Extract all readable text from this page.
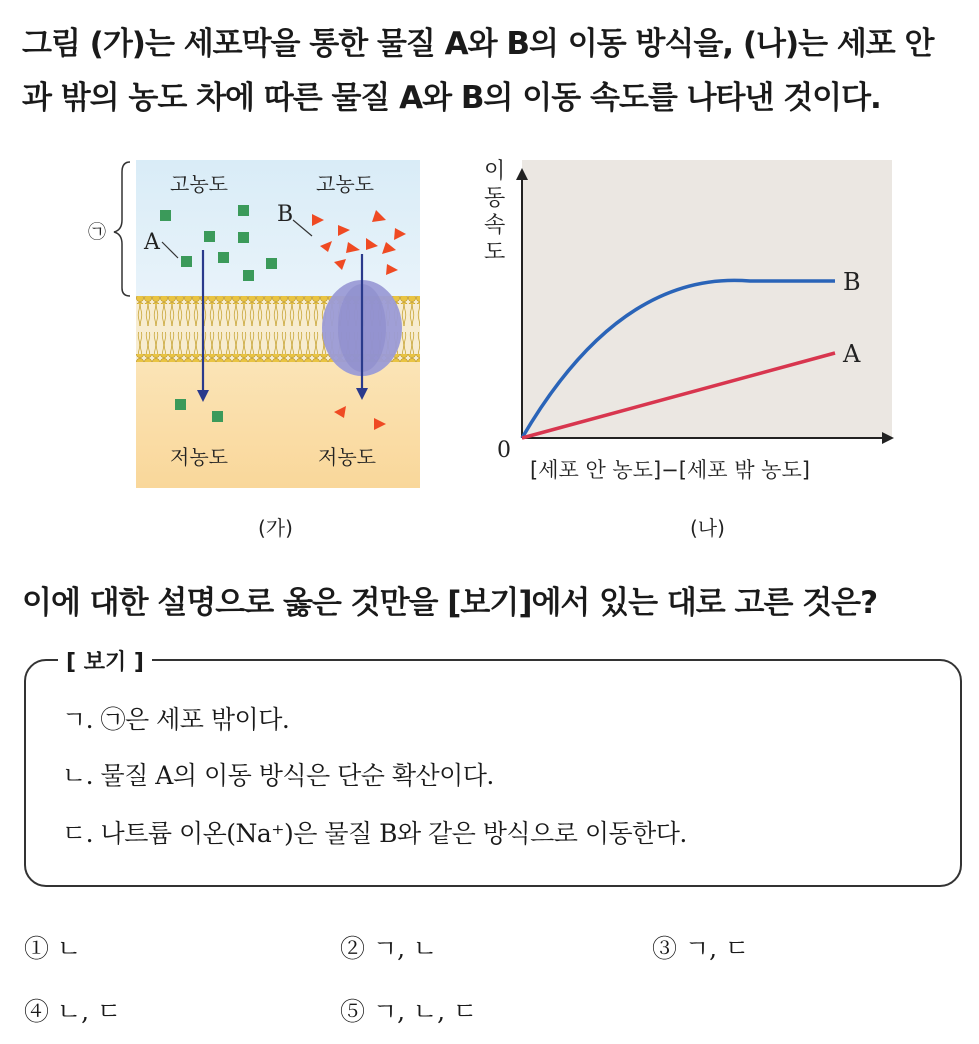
그림 (가)는 세포막을 통한 물질 A와 B의 이동 방식을, (나)는 세포 안
과 밖의 농도 차에 따른 물질 A와 B의 이동 속도를 나타낸 것이다.
고농도	고농도
저농도	저농도
A
B
㉠
(가)
이
동
속
도
0
[세포 안 농도]−[세포 밖 농도]
B
A
(나)
이에 대한 설명으로 옳은 것만을 [보기]에서 있는 대로 고른 것은?
[ 보기 ]
ㄱ. ㉠은 세포 밖이다.
ㄴ. 물질 A의 이동 방식은 단순 확산이다.
ㄷ. 나트륨 이온(Na⁺)은 물질 B와 같은 방식으로 이동한다.
① ㄴ	② ㄱ, ㄴ	③ ㄱ, ㄷ
④ ㄴ, ㄷ	⑤ ㄱ, ㄴ, ㄷ
